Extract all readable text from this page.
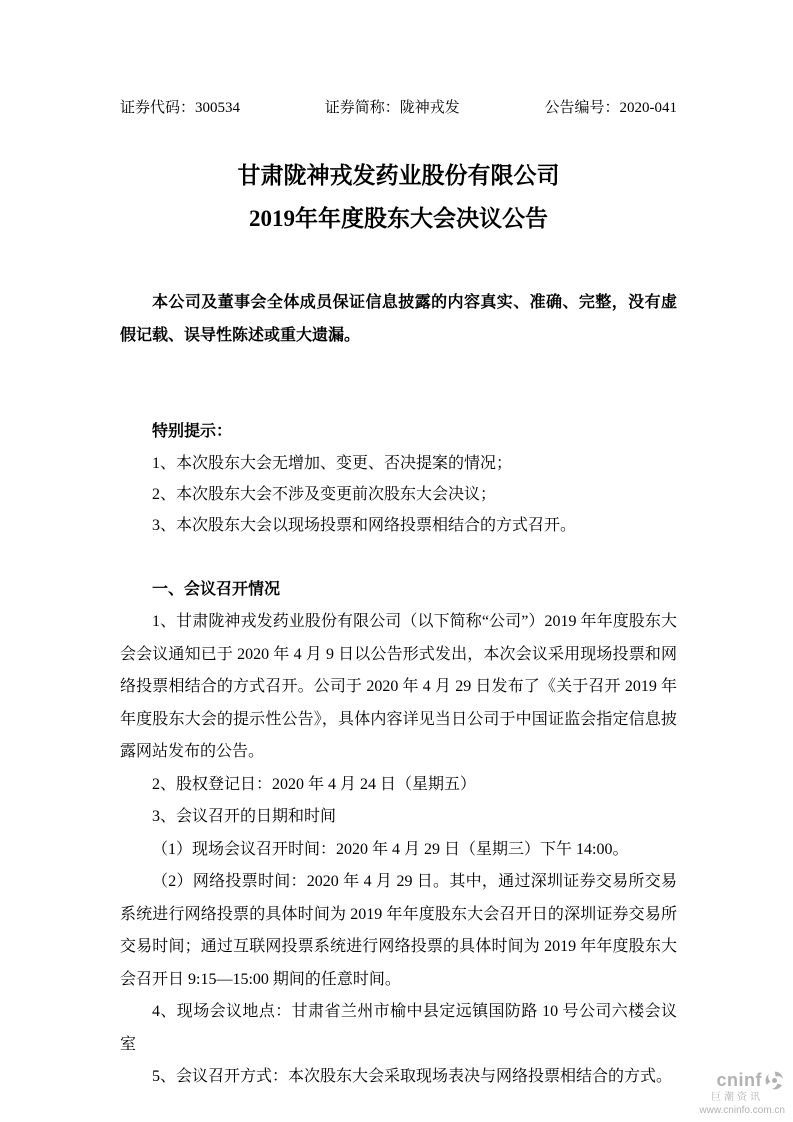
证券代码：300534	证券简称：陇神戎发	公告编号：2020-041
甘肃陇神戎发药业股份有限公司
2019年年度股东大会决议公告

本公司及董事会全体成员保证信息披露的内容真实、准确、完整，没有虚假记载、误导性陈述或重大遗漏。

特别提示：

1、本次股东大会无增加、变更、否决提案的情况；

2、本次股东大会不涉及变更前次股东大会决议；

3、本次股东大会以现场投票和网络投票相结合的方式召开。

一、会议召开情况

1、甘肃陇神戎发药业股份有限公司（以下简称“公司”）2019 年年度股东大会会议通知已于 2020 年 4 月 9 日以公告形式发出，本次会议采用现场投票和网络投票相结合的方式召开。公司于 2020 年 4 月 29 日发布了《关于召开 2019 年年度股东大会的提示性公告》，具体内容详见当日公司于中国证监会指定信息披露网站发布的公告。

2、股权登记日：2020 年 4 月 24 日（星期五）

3、会议召开的日期和时间

（1）现场会议召开时间：2020 年 4 月 29 日（星期三）下午 14:00。

（2）网络投票时间：2020 年 4 月 29 日。其中，通过深圳证券交易所交易系统进行网络投票的具体时间为 2019 年年度股东大会召开日的深圳证券交易所交易时间；通过互联网投票系统进行网络投票的具体时间为 2019 年年度股东大会召开日 9:15—15:00 期间的任意时间。

4、现场会议地点：甘肃省兰州市榆中县定远镇国防路 10 号公司六楼会议室

5、会议召开方式：本次股东大会采取现场表决与网络投票相结合的方式。 cninf
巨潮资讯
www.cninfo.com.cn
